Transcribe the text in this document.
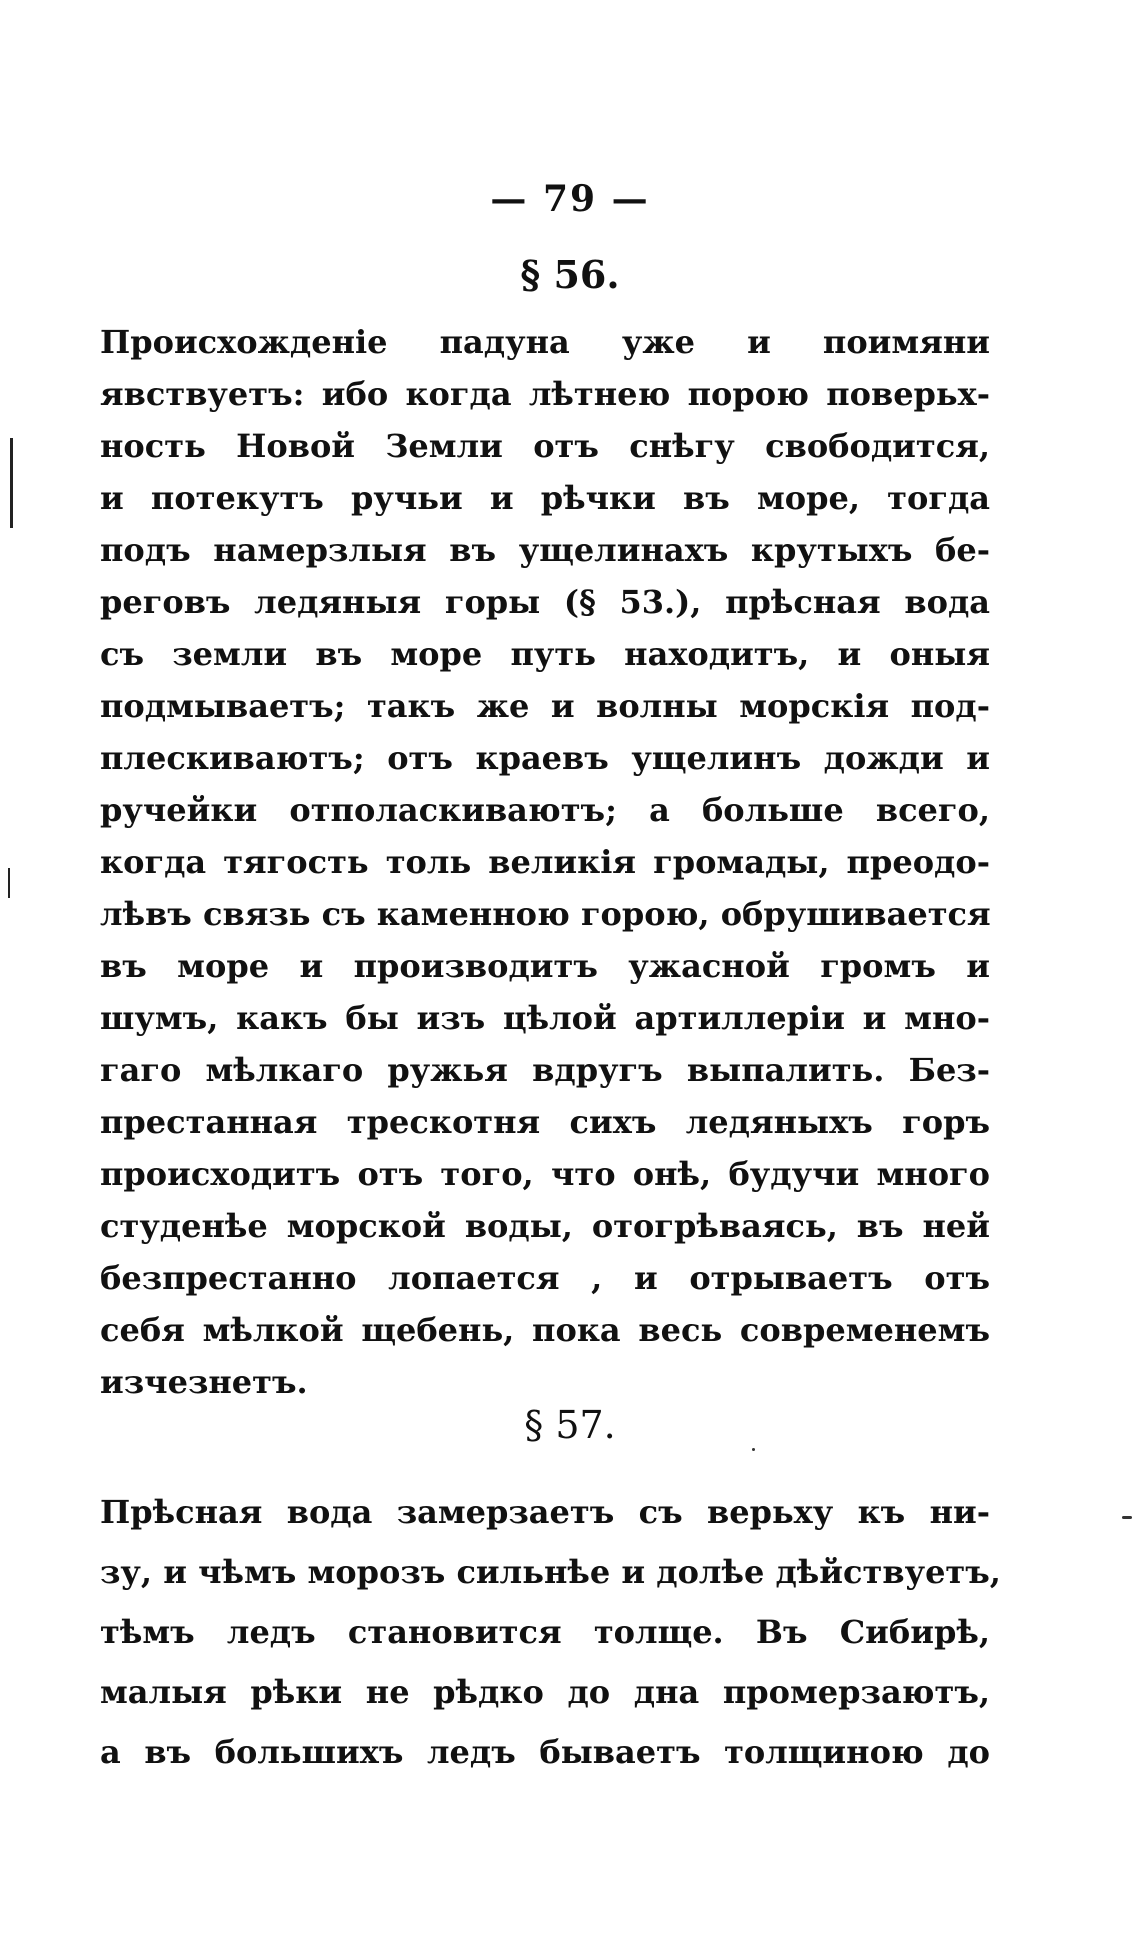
— 79 —
§ 56.
Происхожденіе падуна уже и поимяни
явствуетъ: ибо когда лѣтнею порою поверьх-
ность Новой Земли отъ снѣгу свободится,
и потекутъ ручьи и рѣчки въ море, тогда
подъ намерзлыя въ ущелинахъ крутыхъ бе-
реговъ ледяныя горы (§ 53.), прѣсная вода
съ земли въ море путь находитъ, и оныя
подмываетъ; такъ же и волны морскія под-
плескиваютъ; отъ краевъ ущелинъ дожди и
ручейки отполаскиваютъ; а больше всего,
когда тягость толь великія громады, преодо-
лѣвъ связь съ каменною горою, обрушивается
въ море и производитъ ужасной громъ и
шумъ, какъ бы изъ цѣлой артиллеріи и мно-
гаго мѣлкаго ружья вдругъ выпалить. Без-
престанная трескотня сихъ ледяныхъ горъ
происходитъ отъ того, что онѣ, будучи много
студенѣе морской воды, отогрѣваясь, въ ней
безпрестанно лопается , и отрываетъ отъ
себя мѣлкой щебень, пока весь современемъ
изчезнетъ.
§ 57.
Прѣсная вода замерзаетъ съ верьху къ ни-
зу, и чѣмъ морозъ сильнѣе и долѣе дѣйствуетъ,
тѣмъ ледъ становится толще. Въ Сибирѣ,
малыя рѣки не рѣдко до дна промерзаютъ,
а въ большихъ ледъ бываетъ толщиною до
